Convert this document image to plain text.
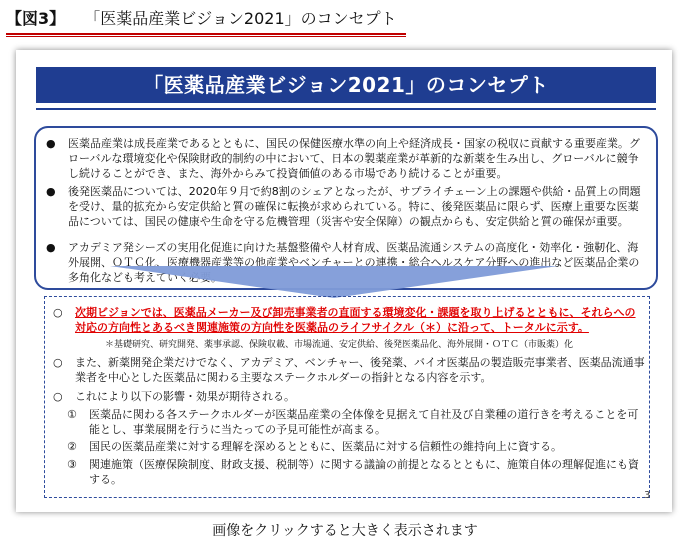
【図3】 「医薬品産業ビジョン2021」のコンセプト
「医薬品産業ビジョン2021」のコンセプト
● 医薬品産業は成長産業であるとともに、国民の保健医療水準の向上や経済成長・国家の税収に貢献する重要産業。グローバルな環境変化や保険財政的制約の中において、日本の製薬産業が革新的な新薬を生み出し、グローバルに競争し続けることができ、また、海外からみて投資価値のある市場であり続けることが重要。
● 後発医薬品については、2020年９月で約8割のシェアとなったが、サプライチェーン上の課題や供給・品質上の問題を受け、量的拡充から安定供給と質の確保に転換が求められている。特に、後発医薬品に限らず、医療上重要な医薬品については、国民の健康や生命を守る危機管理（災害や安全保障）の観点からも、安定供給と質の確保が重要。
● アカデミア発シーズの実用化促進に向けた基盤整備や人材育成、医薬品流通システムの高度化・効率化・強靭化、海外展開、ＯＴＣ化、医療機器産業等の他産業やベンチャーとの連携・総合ヘルスケア分野への進出など医薬品企業の多角化なども考えていく必要。
○ 次期ビジョンでは、医薬品メーカー及び卸売事業者の直面する環境変化・課題を取り上げるとともに、それらへの対応の方向性とあるべき関連施策の方向性を医薬品のライフサイクル（＊）に沿って、トータルに示す。
＊基礎研究、研究開発、薬事承認、保険収載、市場流通、安定供給、後発医薬品化、海外展開・ＯＴＣ（市販薬）化
○ また、新薬開発企業だけでなく、アカデミア、ベンチャー、後発薬、バイオ医薬品の製造販売事業者、医薬品流通事業者を中心とした医薬品に関わる主要なステークホルダーの指針となる内容を示す。
○ これにより以下の影響・効果が期待される。
① 医薬品に関わる各ステークホルダーが医薬品産業の全体像を見据えて自社及び自業種の道行きを考えることを可能とし、事業展開を行うに当たっての予見可能性が高まる。
② 国民の医薬品産業に対する理解を深めるとともに、医薬品に対する信頼性の維持向上に資する。
③ 関連施策（医療保険制度、財政支援、税制等）に関する議論の前提となるとともに、施策自体の理解促進にも資する。
3
画像をクリックすると大きく表示されます
